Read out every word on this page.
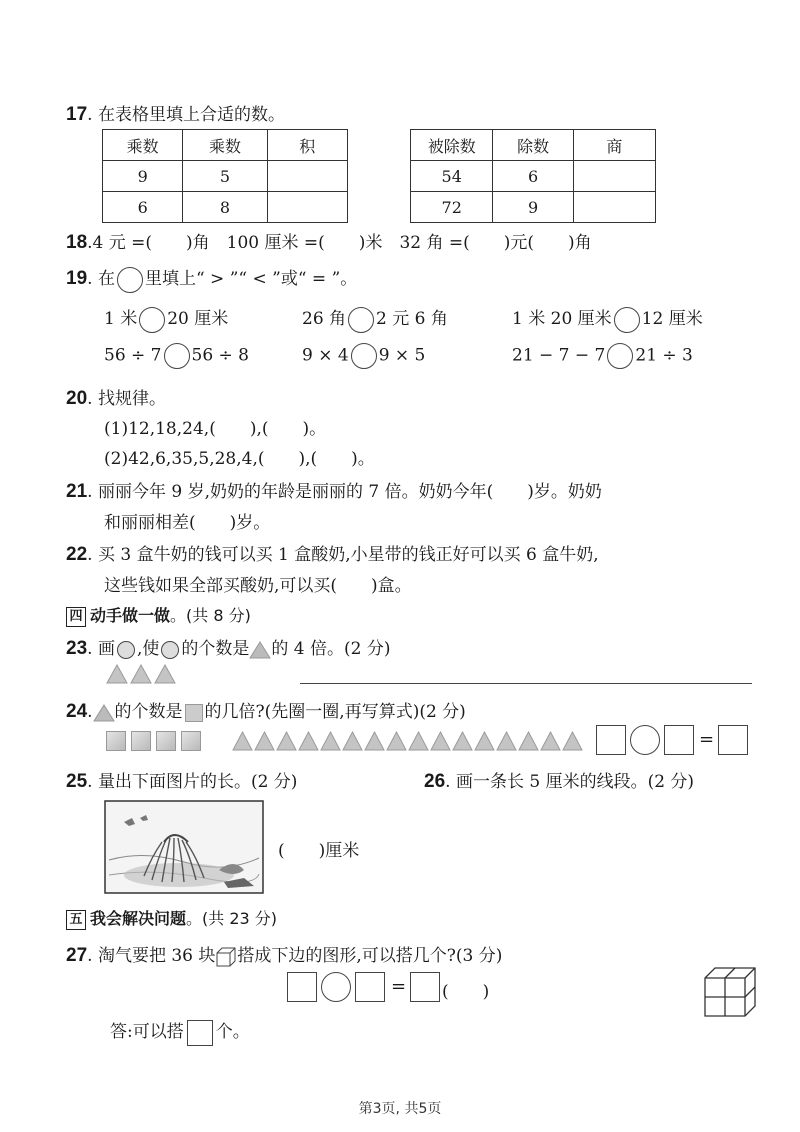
17. 在表格里填上合适的数。
乘数	乘数	积
9	5	
6	8	
被除数	除数	商
54	6	
72	9	
18.4 元 =(　　)角　100 厘米 =(　　)米　32 角 =(　　)元(　　)角
19. 在 里填上“ > ”“ < ”或“ = ”。
1 米 20 厘米	26 角 2 元 6 角	1 米 20 厘米 12 厘米
56 ÷ 7 56 ÷ 8	9 × 4 9 × 5	21 − 7 − 7 21 ÷ 3
20. 找规律。
(1)12,18,24,(　　),(　　)。
(2)42,6,35,5,28,4,(　　),(　　)。
21. 丽丽今年 9 岁,奶奶的年龄是丽丽的 7 倍。奶奶今年(　　)岁。奶奶
和丽丽相差(　　)岁。
22. 买 3 盒牛奶的钱可以买 1 盒酸奶,小星带的钱正好可以买 6 盒牛奶,
这些钱如果全部买酸奶,可以买(　　)盒。
四 动手做一做。(共 8 分)
23. 画 ,使 的个数是 的 4 倍。(2 分)
24. 的个数是 的几倍?(先圈一圈,再写算式)(2 分)
=
25. 量出下面图片的长。(2 分)	26. 画一条长 5 厘米的线段。(2 分)
(　　)厘米
五 我会解决问题。(共 23 分)
27. 淘气要把 36 块 搭成下边的图形,可以搭几个?(3 分)
= (　　)
答:可以搭 个。
第3页, 共5页
